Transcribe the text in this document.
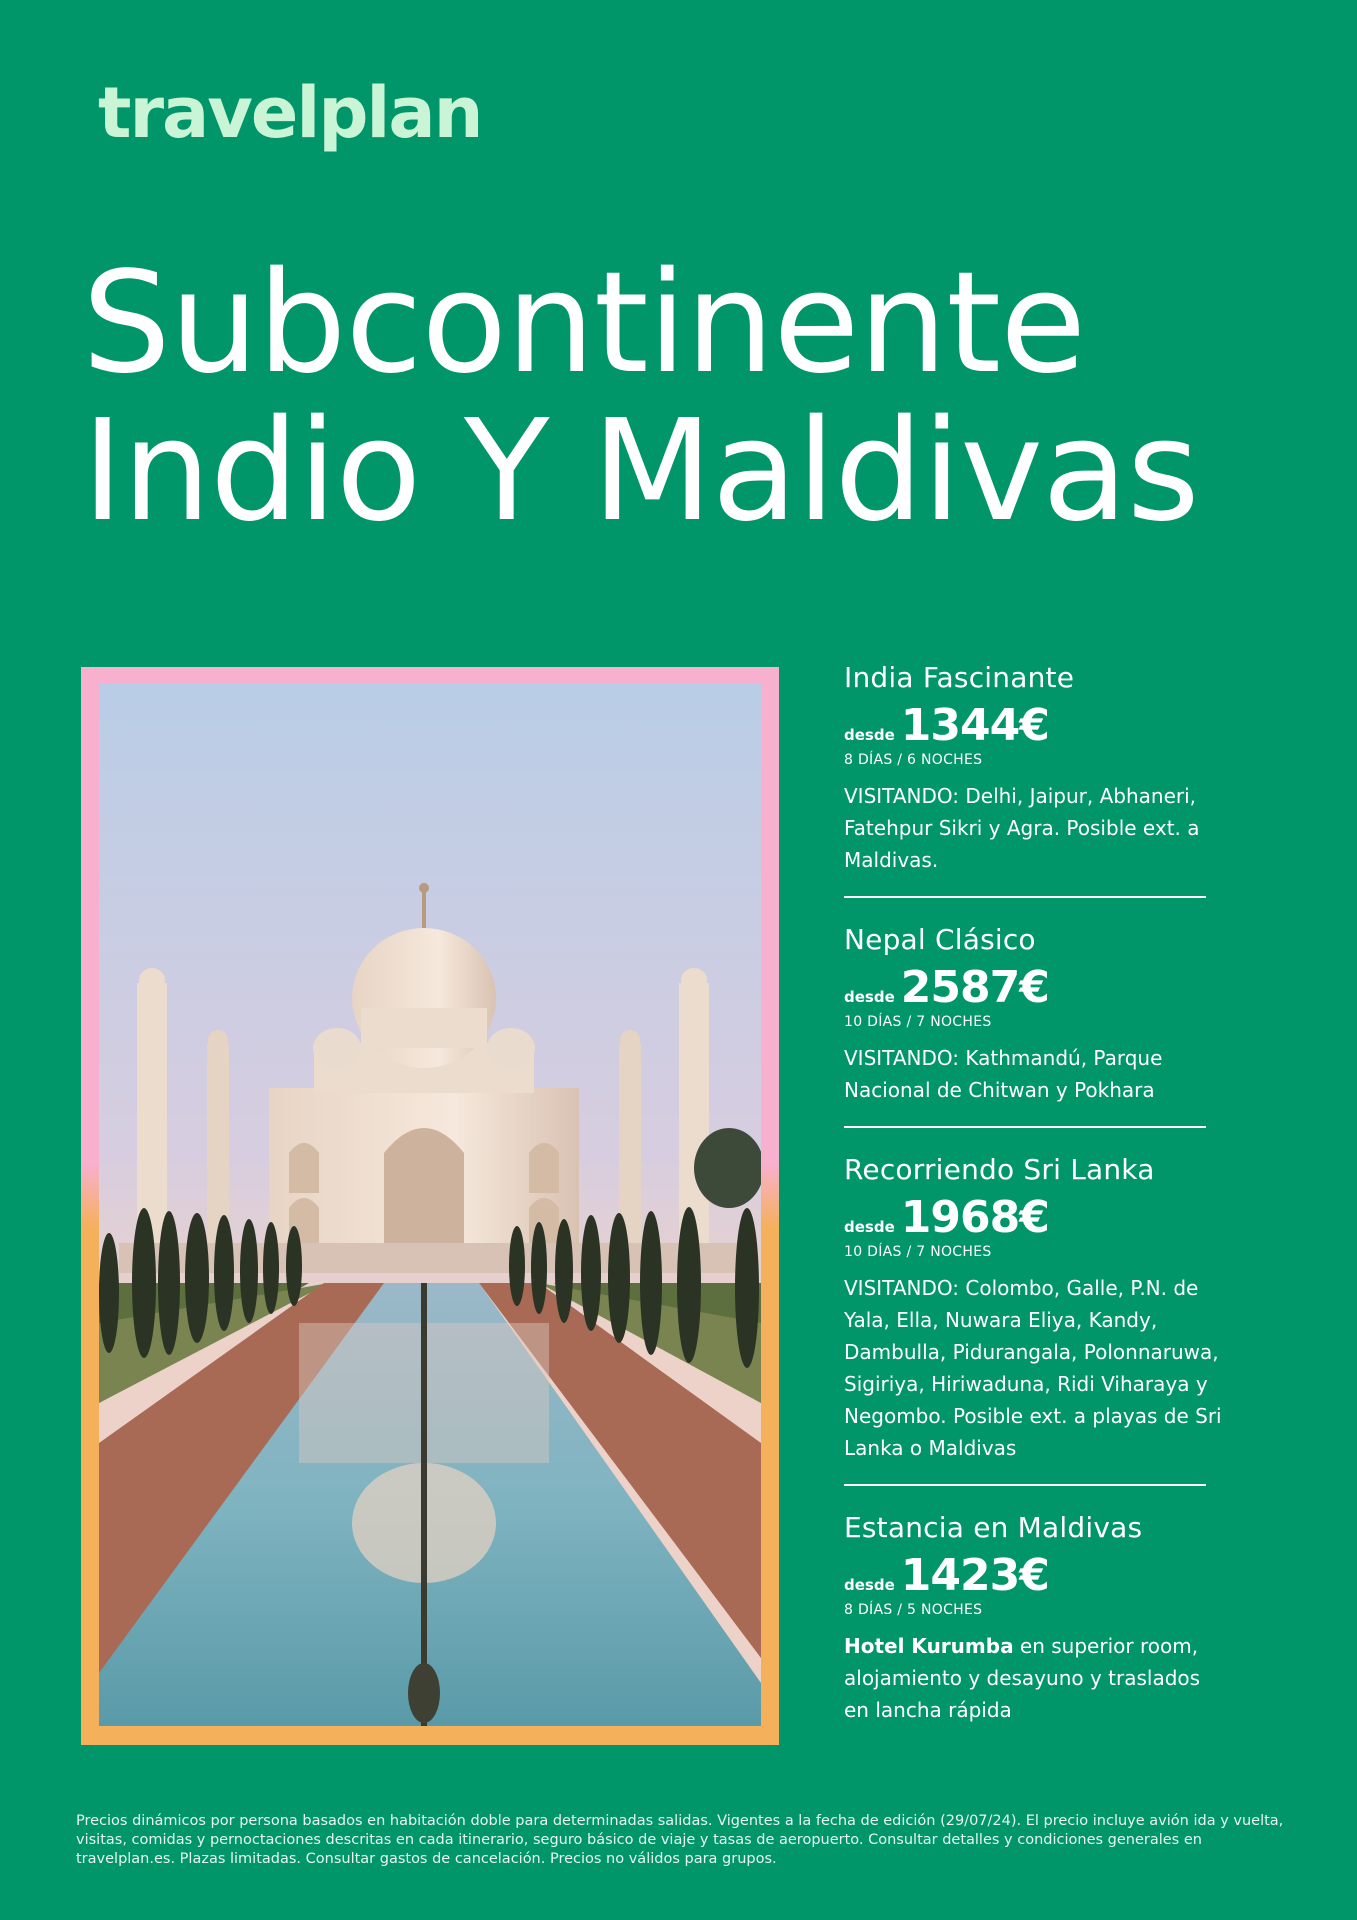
travelplan
Subcontinente
Indio Y Maldivas
India Fascinante
desde 1344€
8 DÍAS / 6 NOCHES
VISITANDO: Delhi, Jaipur, Abhaneri, Fatehpur Sikri y Agra. Posible ext. a Maldivas.
Nepal Clásico
desde 2587€
10 DÍAS / 7 NOCHES
VISITANDO: Kathmandú, Parque Nacional de Chitwan y Pokhara
Recorriendo Sri Lanka
desde 1968€
10 DÍAS / 7 NOCHES
VISITANDO: Colombo, Galle, P.N. de Yala, Ella, Nuwara Eliya, Kandy, Dambulla, Pidurangala, Polonnaruwa, Sigiriya, Hiriwaduna, Ridi Viharaya y Negombo. Posible ext. a playas de Sri Lanka o Maldivas
Estancia en Maldivas
desde 1423€
8 DÍAS / 5 NOCHES
Hotel Kurumba en superior room, alojamiento y desayuno y traslados en lancha rápida
Precios dinámicos por persona basados en habitación doble para determinadas salidas. Vigentes a la fecha de edición (29/07/24). El precio incluye avión ida y vuelta, visitas, comidas y pernoctaciones descritas en cada itinerario, seguro básico de viaje y tasas de aeropuerto. Consultar detalles y condiciones generales en travelplan.es. Plazas limitadas. Consultar gastos de cancelación. Precios no válidos para grupos.
